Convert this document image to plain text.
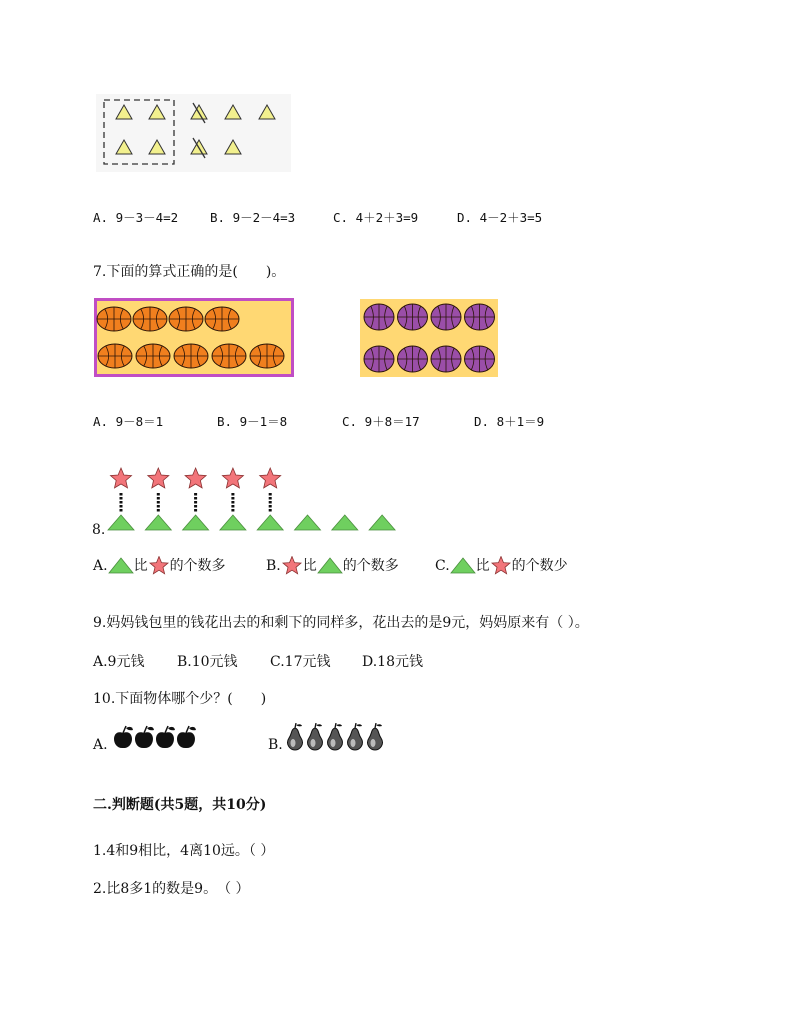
A. 9－3－4=2	B. 9－2－4=3	C. 4＋2＋3=9	D. 4－2＋3=5
7.下面的算式正确的是(　　)。
A. 9－8＝1	B. 9－1＝8	C. 9＋8＝17	D. 8＋1＝9
8.
A. 比 的个数多	B. 比 的个数多	C. 比 的个数少
9.妈妈钱包里的钱花出去的和剩下的同样多，花出去的是9元，妈妈原来有（ ）。
A.9元钱 B.10元钱 C.17元钱 D.18元钱
10.下面物体哪个少？(　　)
A.	B.
二.判断题(共5题，共10分)
1.4和9相比，4离10远。（ ）
2.比8多1的数是9。　（ ）
